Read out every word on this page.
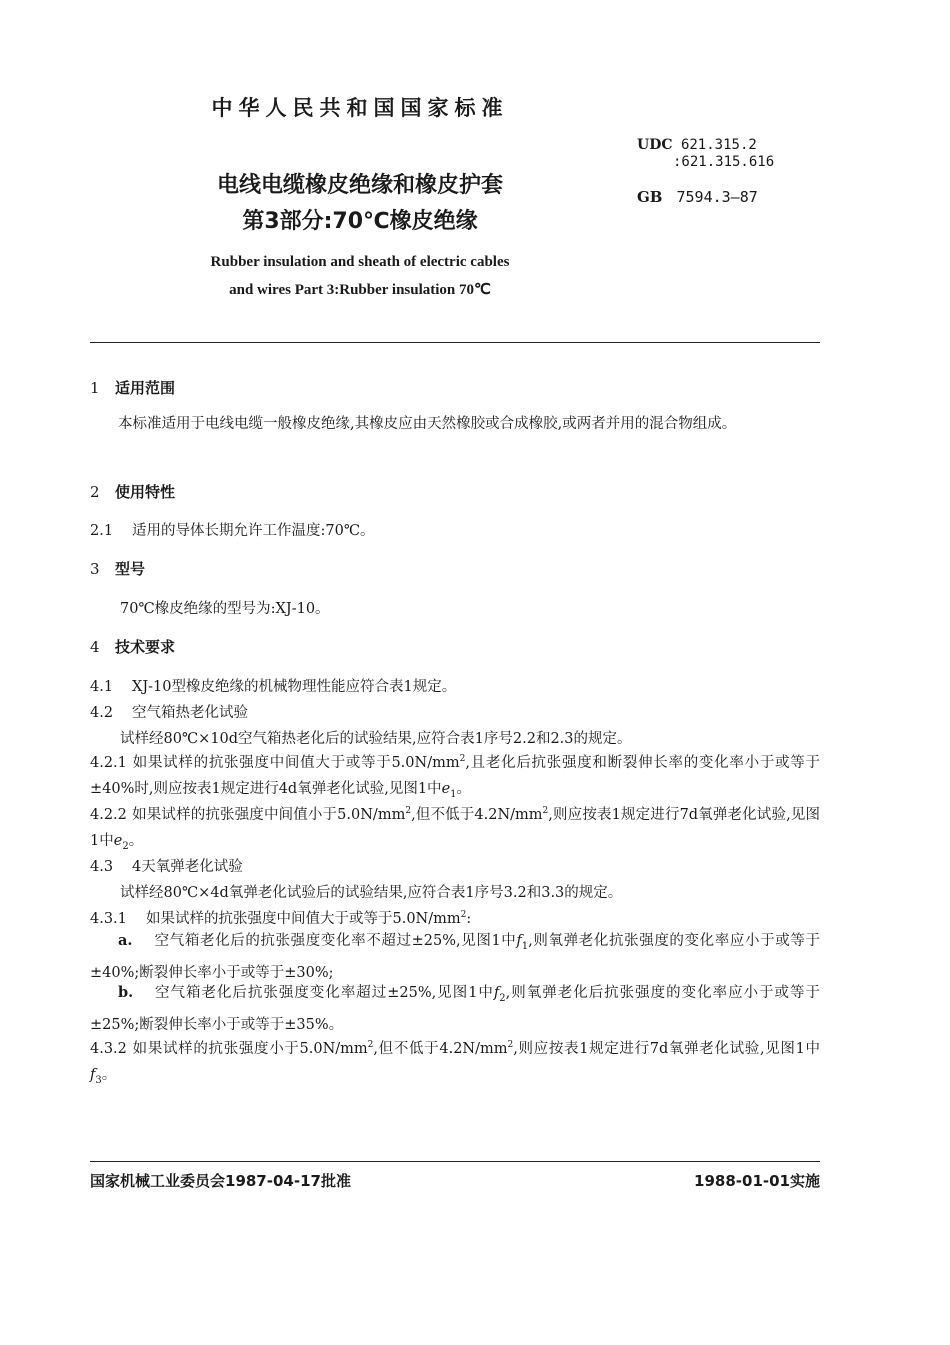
中华人民共和国国家标准
UDC 621.315.2
:621.315.616
GB 7594.3—87
电线电缆橡皮绝缘和橡皮护套
第3部分:70℃橡皮绝缘
Rubber insulation and sheath of electric cables
and wires Part 3:Rubber insulation 70℃
1 适用范围
本标准适用于电线电缆一般橡皮绝缘,其橡皮应由天然橡胶或合成橡胶,或两者并用的混合物组成。
2 使用特性
2.1 适用的导体长期允许工作温度:70℃。
3 型号
70℃橡皮绝缘的型号为:XJ-10。
4 技术要求
4.1 XJ-10型橡皮绝缘的机械物理性能应符合表1规定。
4.2 空气箱热老化试验
试样经80℃×10d空气箱热老化后的试验结果,应符合表1序号2.2和2.3的规定。
4.2.1 如果试样的抗张强度中间值大于或等于$5.0N/mm^2$,且老化后抗张强度和断裂伸长率的变化率小于或等于±40%时,则应按表1规定进行4d氧弹老化试验,见图1中$e_1$。
4.2.2 如果试样的抗张强度中间值小于$5.0N/mm^2$,但不低于$4.2N/mm^2$,则应按表1规定进行7d氧弹老化试验,见图1中$e_2$。
4.3 4天氧弹老化试验
试样经80℃×4d氧弹老化试验后的试验结果,应符合表1序号3.2和3.3的规定。
4.3.1 如果试样的抗张强度中间值大于或等于$5.0N/mm^2$:
a. 空气箱老化后的抗张强度变化率不超过±25%,见图1中$f_1$,则氧弹老化抗张强度的变化率应小于或等于±40%;断裂伸长率小于或等于±30%;
b. 空气箱老化后抗张强度变化率超过±25%,见图1中$f_2$,则氧弹老化后抗张强度的变化率应小于或等于±25%;断裂伸长率小于或等于±35%。
4.3.2 如果试样的抗张强度小于$5.0N/mm^2$,但不低于$4.2N/mm^2$,则应按表1规定进行7d氧弹老化试验,见图1中$f_3$。
国家机械工业委员会1987-04-17批准	1988-01-01实施
